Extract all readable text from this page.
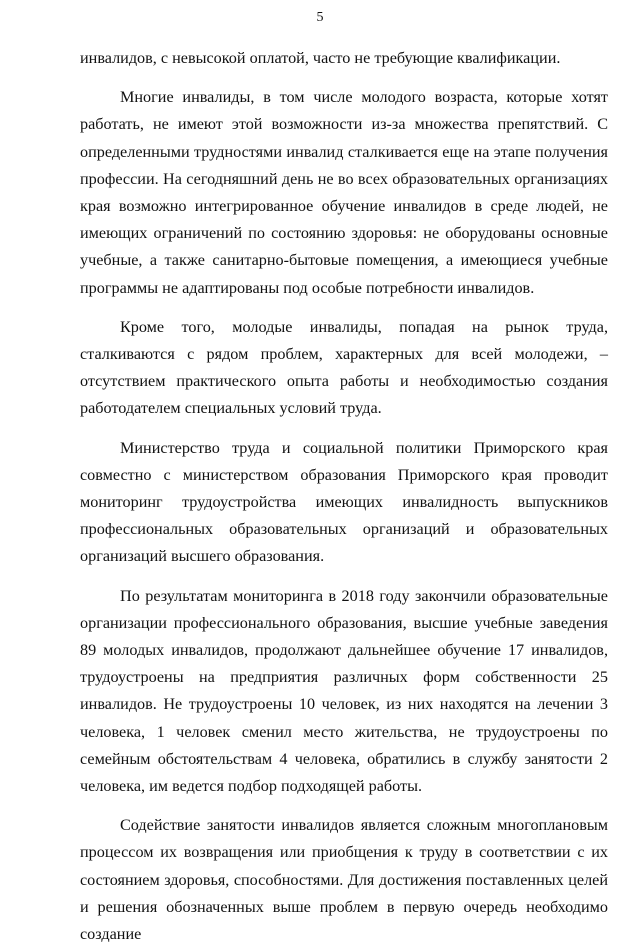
5

инвалидов, с невысокой оплатой, часто не требующие квалификации.

Многие инвалиды, в том числе молодого возраста, которые хотят работать, не имеют этой возможности из-за множества препятствий. С определенными трудностями инвалид сталкивается еще на этапе получения профессии. На сегодняшний день не во всех образовательных организациях края возможно интегрированное обучение инвалидов в среде людей, не имеющих ограничений по состоянию здоровья: не оборудованы основные учебные, а также санитарно-бытовые помещения, а имеющиеся учебные программы не адаптированы под особые потребности инвалидов.

Кроме того, молодые инвалиды, попадая на рынок труда, сталкиваются с рядом проблем, характерных для всей молодежи, – отсутствием практического опыта работы и необходимостью создания работодателем специальных условий труда.

Министерство труда и социальной политики Приморского края совместно с министерством образования Приморского края проводит мониторинг трудоустройства имеющих инвалидность выпускников профессиональных образовательных организаций и образовательных организаций высшего образования.

По результатам мониторинга в 2018 году закончили образовательные организации профессионального образования, высшие учебные заведения 89 молодых инвалидов, продолжают дальнейшее обучение 17 инвалидов, трудоустроены на предприятия различных форм собственности 25 инвалидов. Не трудоустроены 10 человек, из них находятся на лечении 3 человека, 1 человек сменил место жительства, не трудоустроены по семейным обстоятельствам 4 человека, обратились в службу занятости 2 человека, им ведется подбор подходящей работы.

Содействие занятости инвалидов является сложным многоплановым процессом их возвращения или приобщения к труду в соответствии с их состоянием здоровья, способностями. Для достижения поставленных целей и решения обозначенных выше проблем в первую очередь необходимо создание
